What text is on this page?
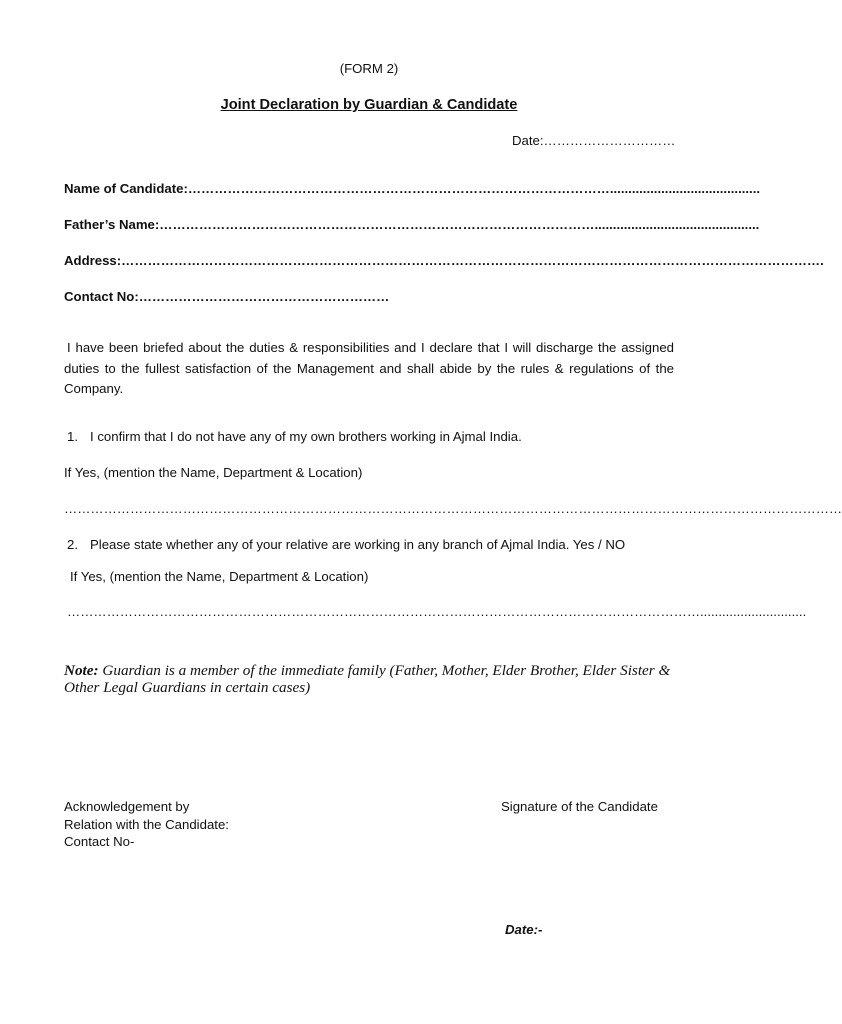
(FORM 2)
Joint Declaration by Guardian & Candidate
Date:…………………………
Name of Candidate:…………………………………………………………………………………….........................................
Father’s Name:……………………………………………………………………………………….............................................
Address:…………………………………………………………………………………………………………………………………………….
Contact No:…………………………………………………
I have been briefed about the duties & responsibilities and I declare that I will discharge the assigned duties to the fullest satisfaction of the Management and shall abide by the rules & regulations of the Company.
1. I confirm that I do not have any of my own brothers working in Ajmal India.
If Yes, (mention the Name, Department & Location)
……………………………………………………………………………………………………………………………………………………………
2. Please state whether any of your relative are working in any branch of Ajmal India. Yes / NO
If Yes, (mention the Name, Department & Location)
……………………………………………………………………………………………………………………………….............................
Note: Guardian is a member of the immediate family (Father, Mother, Elder Brother, Elder Sister & Other Legal Guardians in certain cases)
Acknowledgement by
Relation with the Candidate:
Contact No-
Signature of the Candidate
Date:-
